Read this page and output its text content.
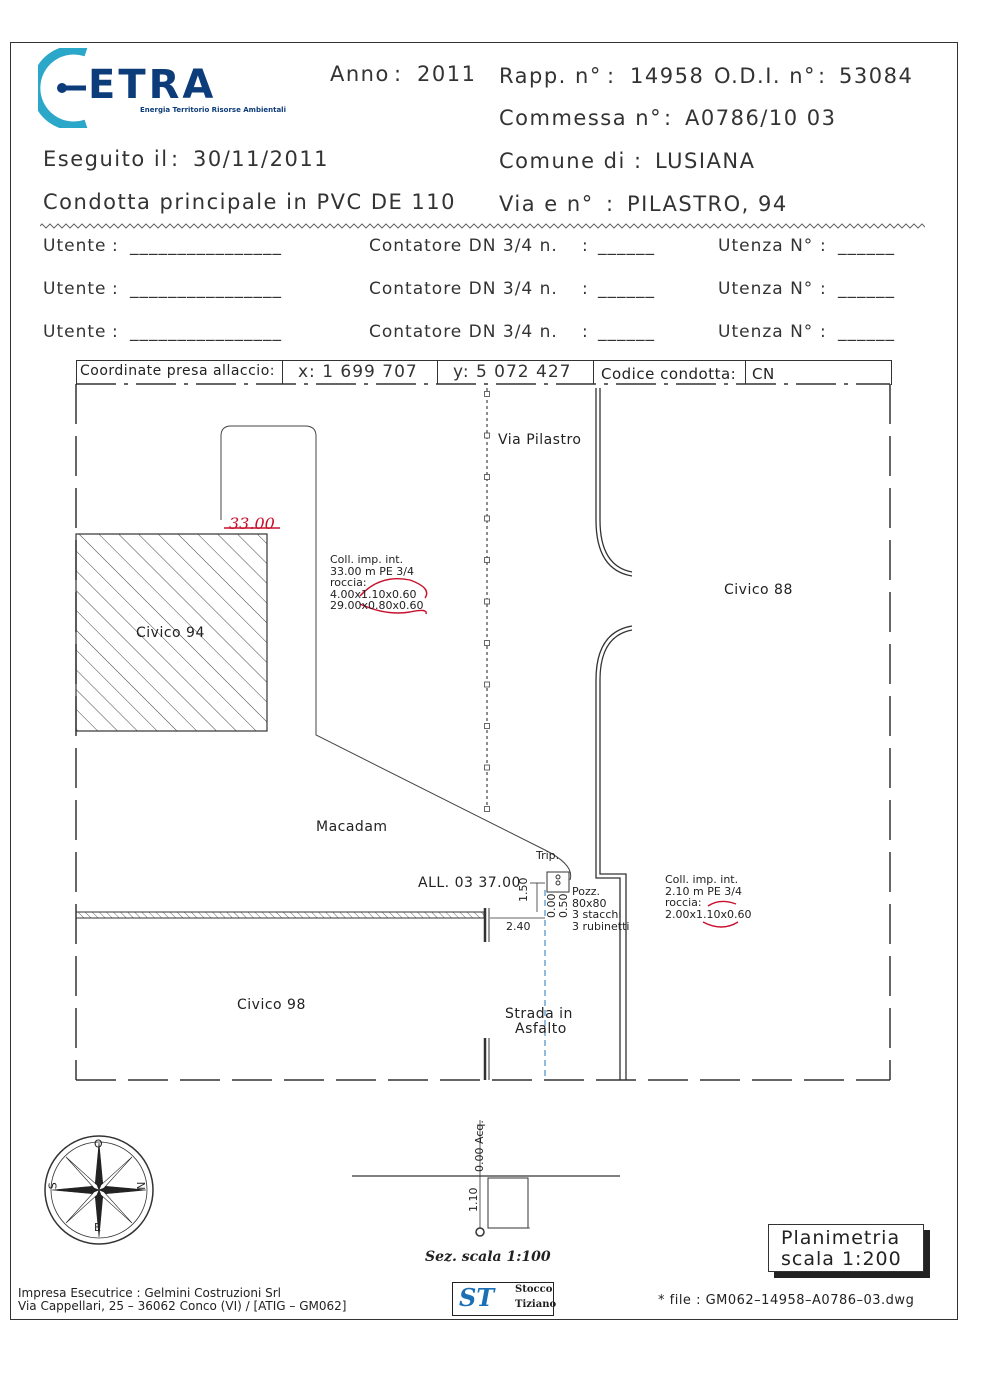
ETRA
Energia Territorio Risorse Ambientali
Anno : 2011 Rapp. n° : 14958 O.D.I. n° : 53084
Commessa n° : A0786/10 03
Eseguito il : 30/11/2011	Comune di : LUSIANA
Condotta principale in PVC DE 110 Via e n° : PILASTRO, 94
Utente : ________________	Contatore DN 3/4 n. : ______	Utenza N° : ______
Utente : ________________	Contatore DN 3/4 n. : ______	Utenza N° : ______
Utente : ________________	Contatore DN 3/4 n. : ______	Utenza N° : ______
Coordinate presa allaccio: x: 1 699 707 y: 5 072 427 Codice condotta: CN
Via Pilastro
Civico 94
Civico 88
Civico 98
Macadam
Strada in
Asfalto
33.00
Coll. imp. int.
33.00 m PE 3/4
roccia:
4.00x1.10x0.60
29.00x0.80x0.60
Coll. imp. int.
2.10 m PE 3/4
roccia:
2.00x1.10x0.60
Trip.
ALL. 03 37.00
1.50
0.00 0.50
2.40
Pozz.
80x80
3 stacchi
3 rubinetti
N
S
O
E
0.00 Acq.
1.10
Sez. scala 1:100
Planimetria
scala 1:200
Impresa Esecutrice : Gelmini Costruzioni Srl
Via Cappellari, 25 – 36062 Conco (VI) / [ATIG – GM062]	ST Stocco
Tiziano	* file : GM062–14958–A0786–03.dwg
